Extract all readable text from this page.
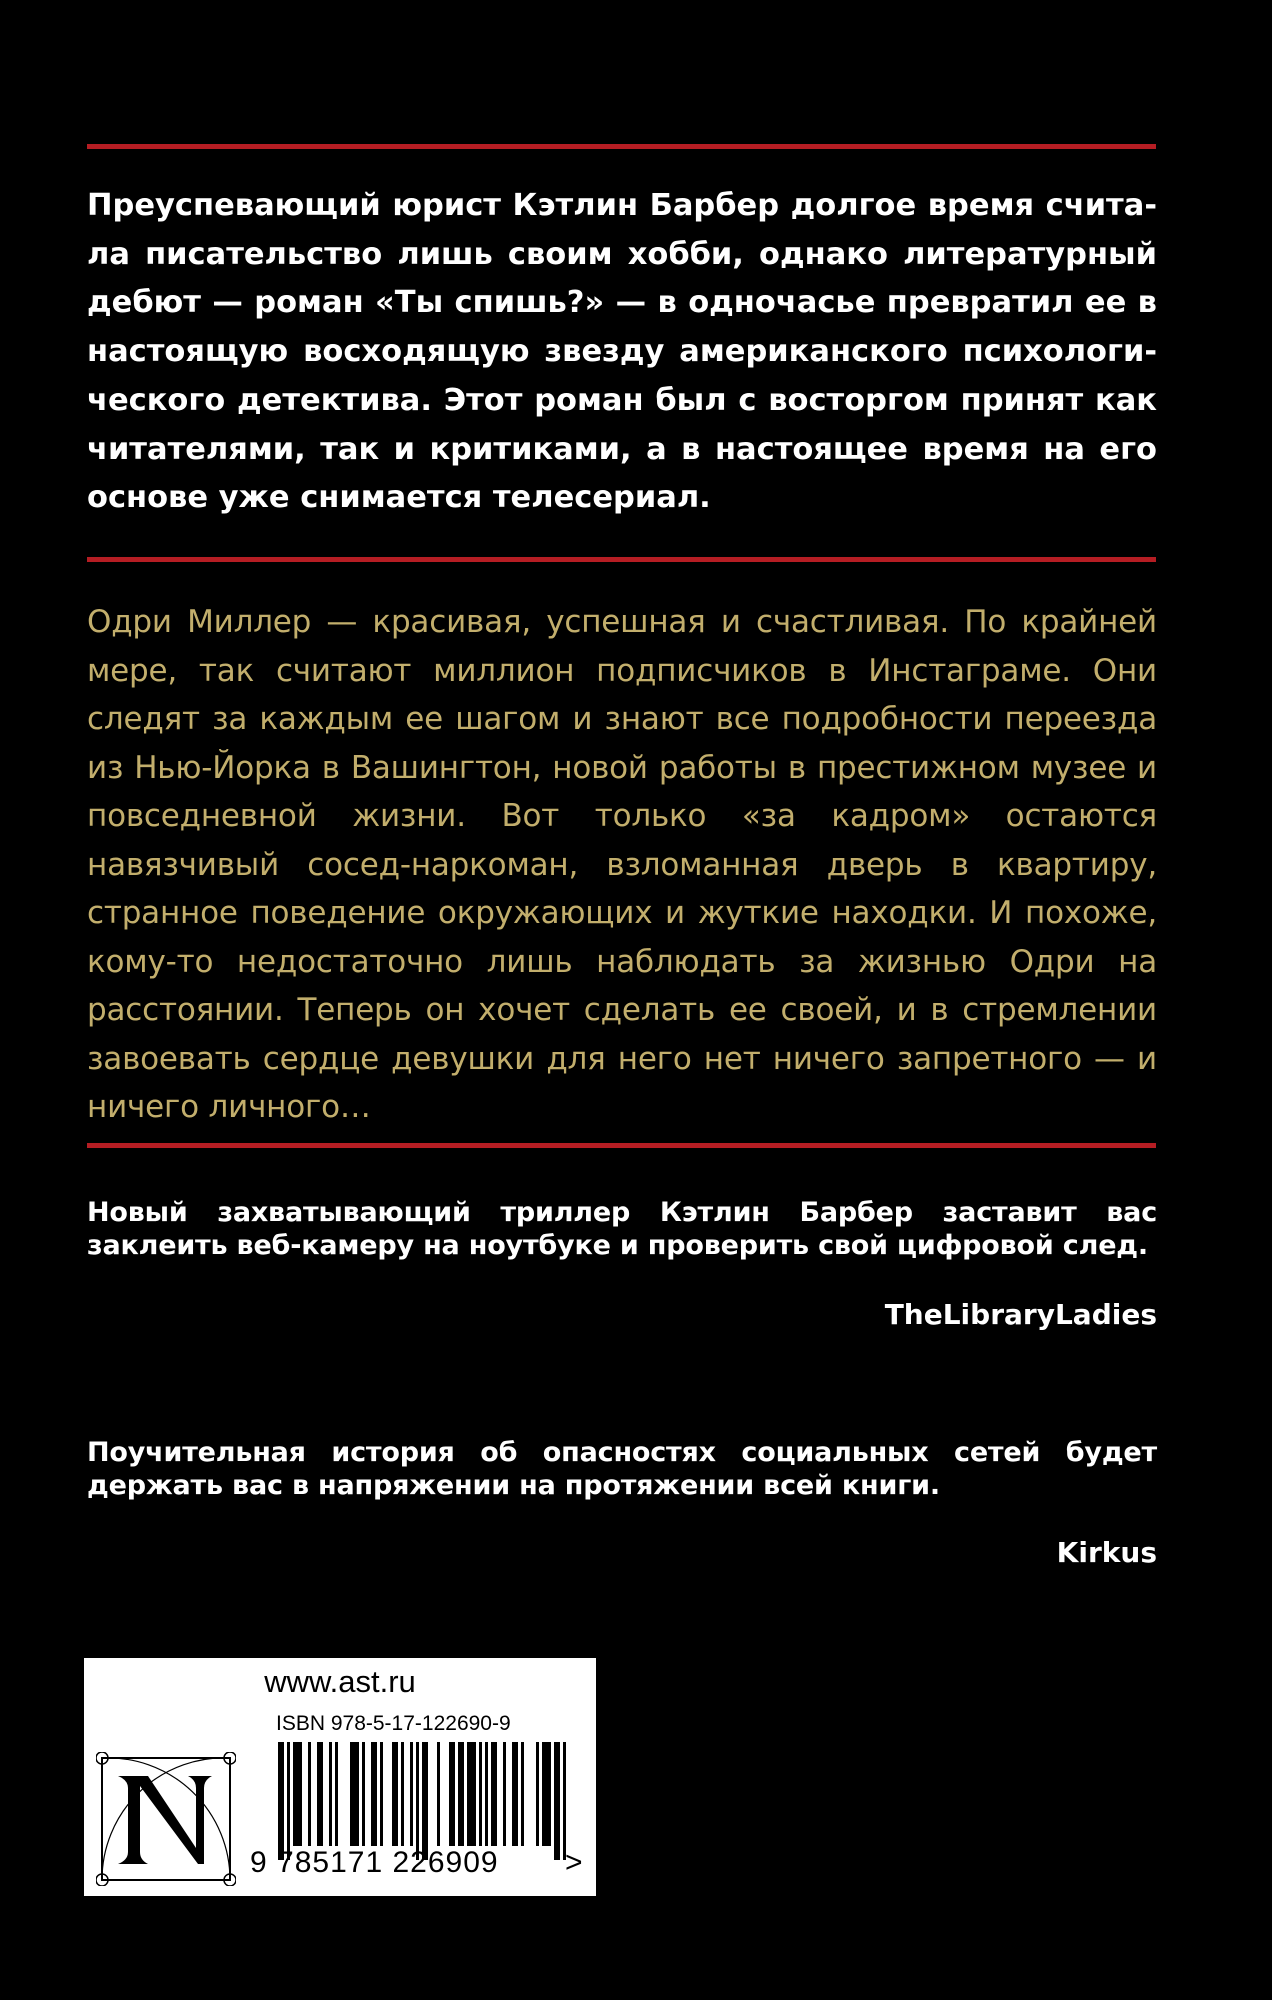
Преуспевающий юрист Кэтлин Барбер долгое время считала писательство лишь своим хобби, однако литературный дебют — роман «Ты спишь?» — в одночасье превратил ее в настоящую восходящую звезду американского психологического детектива. Этот роман был с восторгом принят как читателями, так и критиками, а в настоящее время на его основе уже снимается телесериал.

Одри Миллер — красивая, успешная и счастливая. По крайней мере, так считают миллион подписчиков в Инстаграме. Они следят за каждым ее шагом и знают все подробности переезда из Нью-Йорка в Вашингтон, новой работы в престижном музее и повседневной жизни. Вот только «за кадром» остаются навязчивый сосед-наркоман, взломанная дверь в квартиру, странное поведение окружающих и жуткие находки. И похоже, кому-то недостаточно лишь наблюдать за жизнью Одри на расстоянии. Теперь он хочет сделать ее своей, и в стремлении завоевать сердце девушки для него нет ничего запретного — и ничего личного…

Новый захватывающий триллер Кэтлин Барбер заставит вас заклеить веб-камеру на ноутбуке и проверить свой цифровой след.

TheLibraryLadies

Поучительная история об опасностях социальных сетей будет держать вас в напряжении на протяжении всей книги.

Kirkus

www.ast.ru

ISBN 978-5-17-122690-9

9 785171 226909 >
